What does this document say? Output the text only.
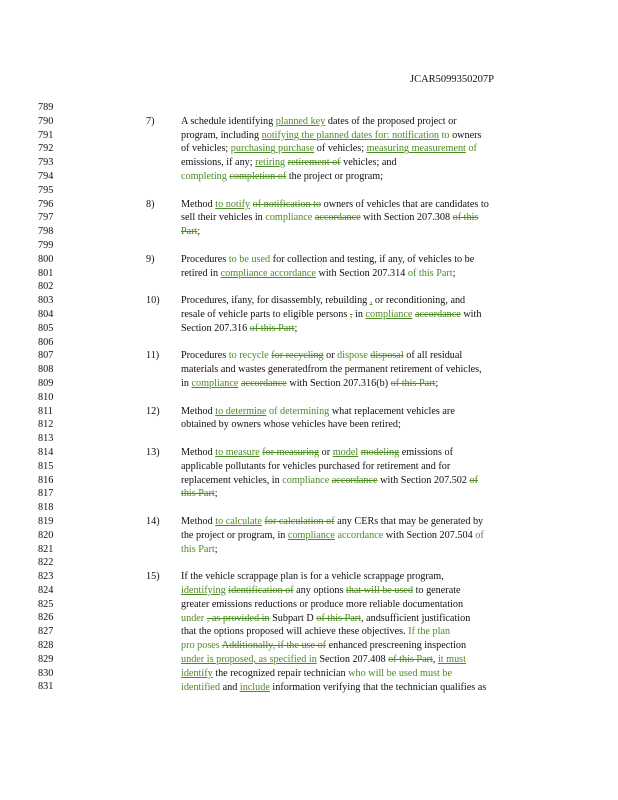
JCAR5099350207P
789
790
791
792
793
794
795
796
797
798
799
800
801
802
803
804
805
806
807
808
809
810
811
812
813
814
815
816
817
818
819
820
821
822
823
824
825
826
827
828
829
830
831
7)	A schedule identifying planned key dates of the proposed project or
program, including notifying the planned dates for: notification to owners
of vehicles; purchasing purchase of vehicles; measuring measurement of
emissions, if any; retiring retirement of vehicles; and
completing completion of the project or program;
8)	Method to notify of notification to owners of vehicles that are candidates to
sell their vehicles in compliance accordance with Section 207.308 of this
Part;
9)	Procedures to be used for collection and testing, if any, of vehicles to be
retired in compliance accordance with Section 207.314 of this Part;
10) Procedures, ifany, for disassembly, rebuilding , or reconditioning, and
resale of vehicle parts to eligible persons , in compliance accordance with
Section 207.316 of this Part;
11) Procedures to recycle for recycling or dispose disposal of all residual
materials and wastes generatedfrom the permanent retirement of vehicles,
in compliance accordance with Section 207.316(b) of this Part;
12) Method to determine of determining what replacement vehicles are
obtained by owners whose vehicles have been retired;
13) Method to measure for measuring or model modeling emissions of
applicable pollutants for vehicles purchased for retirement and for
replacement vehicles, in compliance accordance with Section 207.502 of
this Part;
14) Method to calculate for calculation of any CERs that may be generated by
the project or program, in compliance accordance with Section 207.504 of
this Part;
15) If the vehicle scrappage plan is for a vehicle scrappage program,
identifying identification of any options that will be used to generate
greater emissions reductions or produce more reliable documentation
under , as provided in Subpart D of this Part, andsufficient justification
that the options proposed will achieve these objectives. If the plan
pro poses Additionally, if the use of enhanced prescreening inspection
under is proposed, as specified in Section 207.408 of this Part, it must
identify the recognized repair technician who will be used must be
identified and include information verifying that the technician qualifies as
